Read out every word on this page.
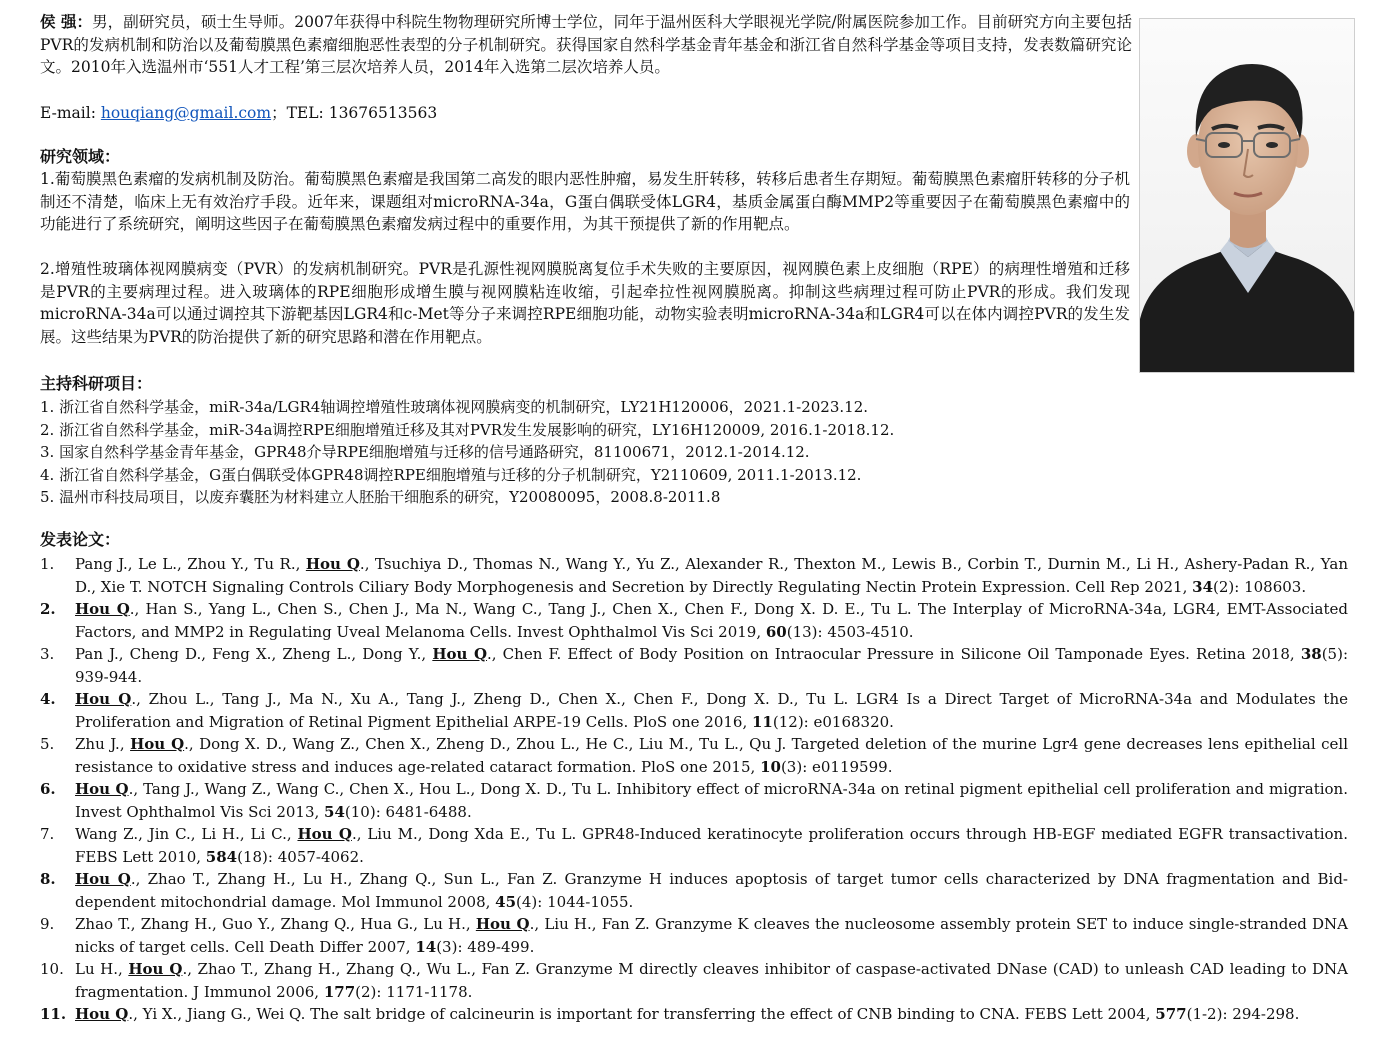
侯 强：男，副研究员，硕士生导师。2007年获得中科院生物物理研究所博士学位，同年于温州医科大学眼视光学院/附属医院参加工作。目前研究方向主要包括PVR的发病机制和防治以及葡萄膜黑色素瘤细胞恶性表型的分子机制研究。获得国家自然科学基金青年基金和浙江省自然科学基金等项目支持，发表数篇研究论文。2010年入选温州市‘551人才工程’第三层次培养人员，2014年入选第二层次培养人员。
E-mail: houqiang@gmail.com；TEL: 13676513563
研究领域：
1.葡萄膜黑色素瘤的发病机制及防治。葡萄膜黑色素瘤是我国第二高发的眼内恶性肿瘤，易发生肝转移，转移后患者生存期短。葡萄膜黑色素瘤肝转移的分子机制还不清楚，临床上无有效治疗手段。近年来，课题组对microRNA-34a，G蛋白偶联受体LGR4，基质金属蛋白酶MMP2等重要因子在葡萄膜黑色素瘤中的功能进行了系统研究，阐明这些因子在葡萄膜黑色素瘤发病过程中的重要作用，为其干预提供了新的作用靶点。
2.增殖性玻璃体视网膜病变（PVR）的发病机制研究。PVR是孔源性视网膜脱离复位手术失败的主要原因，视网膜色素上皮细胞（RPE）的病理性增殖和迁移是PVR的主要病理过程。进入玻璃体的RPE细胞形成增生膜与视网膜粘连收缩，引起牵拉性视网膜脱离。抑制这些病理过程可防止PVR的形成。我们发现microRNA-34a可以通过调控其下游靶基因LGR4和c-Met等分子来调控RPE细胞功能，动物实验表明microRNA-34a和LGR4可以在体内调控PVR的发生发展。这些结果为PVR的防治提供了新的研究思路和潜在作用靶点。
主持科研项目：
1. 浙江省自然科学基金，miR-34a/LGR4轴调控增殖性玻璃体视网膜病变的机制研究，LY21H120006，2021.1-2023.12.
2. 浙江省自然科学基金，miR-34a调控RPE细胞增殖迁移及其对PVR发生发展影响的研究，LY16H120009, 2016.1-2018.12.
3. 国家自然科学基金青年基金，GPR48介导RPE细胞增殖与迁移的信号通路研究，81100671，2012.1-2014.12.
4. 浙江省自然科学基金，G蛋白偶联受体GPR48调控RPE细胞增殖与迁移的分子机制研究，Y2110609, 2011.1-2013.12.
5. 温州市科技局项目，以废弃囊胚为材料建立人胚胎干细胞系的研究，Y20080095，2008.8-2011.8
发表论文：
1.	Pang J., Le L., Zhou Y., Tu R., Hou Q., Tsuchiya D., Thomas N., Wang Y., Yu Z., Alexander R., Thexton M., Lewis B., Corbin T., Durnin M., Li H., Ashery-Padan R., Yan D., Xie T. NOTCH Signaling Controls Ciliary Body Morphogenesis and Secretion by Directly Regulating Nectin Protein Expression. Cell Rep 2021, 34(2): 108603.
2.	Hou Q., Han S., Yang L., Chen S., Chen J., Ma N., Wang C., Tang J., Chen X., Chen F., Dong X. D. E., Tu L. The Interplay of MicroRNA-34a, LGR4, EMT-Associated Factors, and MMP2 in Regulating Uveal Melanoma Cells. Invest Ophthalmol Vis Sci 2019, 60(13): 4503-4510.
3.	Pan J., Cheng D., Feng X., Zheng L., Dong Y., Hou Q., Chen F. Effect of Body Position on Intraocular Pressure in Silicone Oil Tamponade Eyes. Retina 2018, 38(5): 939-944.
4.	Hou Q., Zhou L., Tang J., Ma N., Xu A., Tang J., Zheng D., Chen X., Chen F., Dong X. D., Tu L. LGR4 Is a Direct Target of MicroRNA-34a and Modulates the Proliferation and Migration of Retinal Pigment Epithelial ARPE-19 Cells. PloS one 2016, 11(12): e0168320.
5.	Zhu J., Hou Q., Dong X. D., Wang Z., Chen X., Zheng D., Zhou L., He C., Liu M., Tu L., Qu J. Targeted deletion of the murine Lgr4 gene decreases lens epithelial cell resistance to oxidative stress and induces age-related cataract formation. PloS one 2015, 10(3): e0119599.
6.	Hou Q., Tang J., Wang Z., Wang C., Chen X., Hou L., Dong X. D., Tu L. Inhibitory effect of microRNA-34a on retinal pigment epithelial cell proliferation and migration. Invest Ophthalmol Vis Sci 2013, 54(10): 6481-6488.
7.	Wang Z., Jin C., Li H., Li C., Hou Q., Liu M., Dong Xda E., Tu L. GPR48-Induced keratinocyte proliferation occurs through HB-EGF mediated EGFR transactivation. FEBS Lett 2010, 584(18): 4057-4062.
8.	Hou Q., Zhao T., Zhang H., Lu H., Zhang Q., Sun L., Fan Z. Granzyme H induces apoptosis of target tumor cells characterized by DNA fragmentation and Bid-dependent mitochondrial damage. Mol Immunol 2008, 45(4): 1044-1055.
9.	Zhao T., Zhang H., Guo Y., Zhang Q., Hua G., Lu H., Hou Q., Liu H., Fan Z. Granzyme K cleaves the nucleosome assembly protein SET to induce single-stranded DNA nicks of target cells. Cell Death Differ 2007, 14(3): 489-499.
10. Lu H., Hou Q., Zhao T., Zhang H., Zhang Q., Wu L., Fan Z. Granzyme M directly cleaves inhibitor of caspase-activated DNase (CAD) to unleash CAD leading to DNA fragmentation. J Immunol 2006, 177(2): 1171-1178.
11. Hou Q., Yi X., Jiang G., Wei Q. The salt bridge of calcineurin is important for transferring the effect of CNB binding to CNA. FEBS Lett 2004, 577(1-2): 294-298.
